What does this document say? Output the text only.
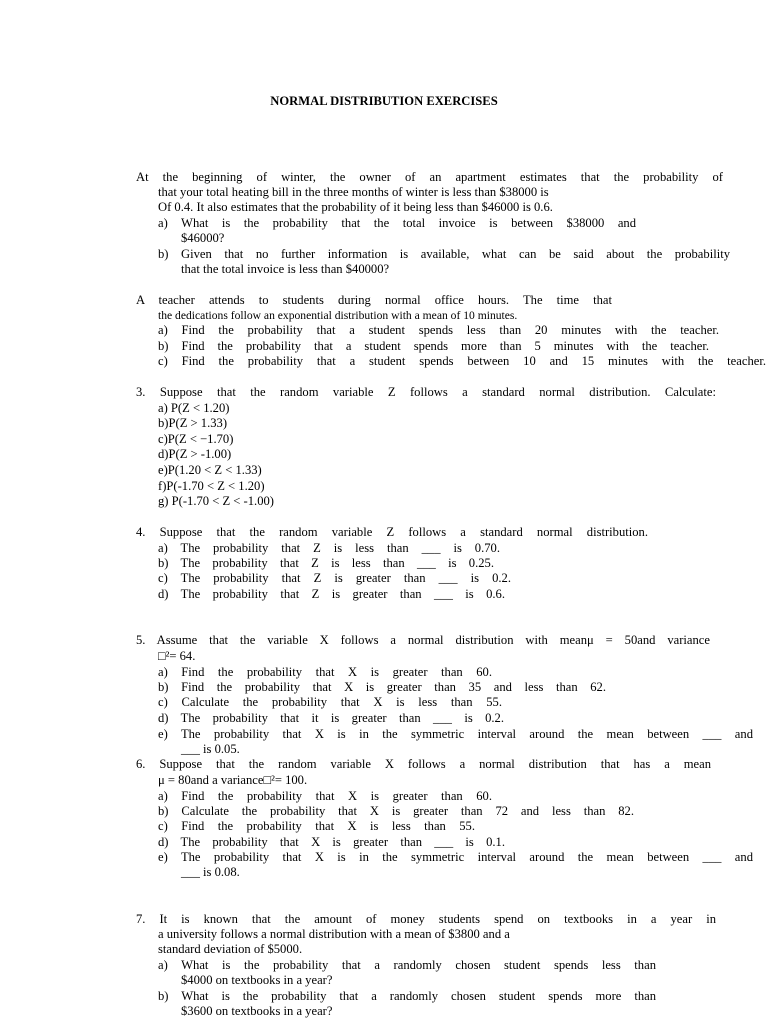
NORMAL DISTRIBUTION EXERCISES
At the beginning of winter, the owner of an apartment estimates that the probability of
that your total heating bill in the three months of winter is less than $38000 is
Of 0.4. It also estimates that the probability of it being less than $46000 is 0.6.
a) What is the probability that the total invoice is between $38000 and
$46000?
b) Given that no further information is available, what can be said about the probability
that the total invoice is less than $40000?
A teacher attends to students during normal office hours. The time that
the dedications follow an exponential distribution with a mean of 10 minutes.
a) Find the probability that a student spends less than 20 minutes with the teacher.
b) Find the probability that a student spends more than 5 minutes with the teacher.
c) Find the probability that a student spends between 10 and 15 minutes with the teacher.
3. Suppose that the random variable Z follows a standard normal distribution. Calculate:
a) P(Z < 1.20)
b)P(Z > 1.33)
c)P(Z < −1.70)
d)P(Z > -1.00)
e)P(1.20 < Z < 1.33)
f)P(-1.70 < Z < 1.20)
g) P(-1.70 < Z < -1.00)
4. Suppose that the random variable Z follows a standard normal distribution.
a) The probability that Z is less than ___ is 0.70.
b) The probability that Z is less than ___ is 0.25.
c) The probability that Z is greater than ___ is 0.2.
d) The probability that Z is greater than ___ is 0.6.
5. Assume that the variable X follows a normal distribution with meanμ = 50and variance
□²= 64.
a) Find the probability that X is greater than 60.
b) Find the probability that X is greater than 35 and less than 62.
c) Calculate the probability that X is less than 55.
d) The probability that it is greater than ___ is 0.2.
e) The probability that X is in the symmetric interval around the mean between ___ and
___ is 0.05.
6. Suppose that the random variable X follows a normal distribution that has a mean
μ = 80and a variance□²= 100.
a) Find the probability that X is greater than 60.
b) Calculate the probability that X is greater than 72 and less than 82.
c) Find the probability that X is less than 55.
d) The probability that X is greater than ___ is 0.1.
e) The probability that X is in the symmetric interval around the mean between ___ and
___ is 0.08.
7. It is known that the amount of money students spend on textbooks in a year in
a university follows a normal distribution with a mean of $3800 and a
standard deviation of $5000.
a) What is the probability that a randomly chosen student spends less than
$4000 on textbooks in a year?
b) What is the probability that a randomly chosen student spends more than
$3600 on textbooks in a year?
